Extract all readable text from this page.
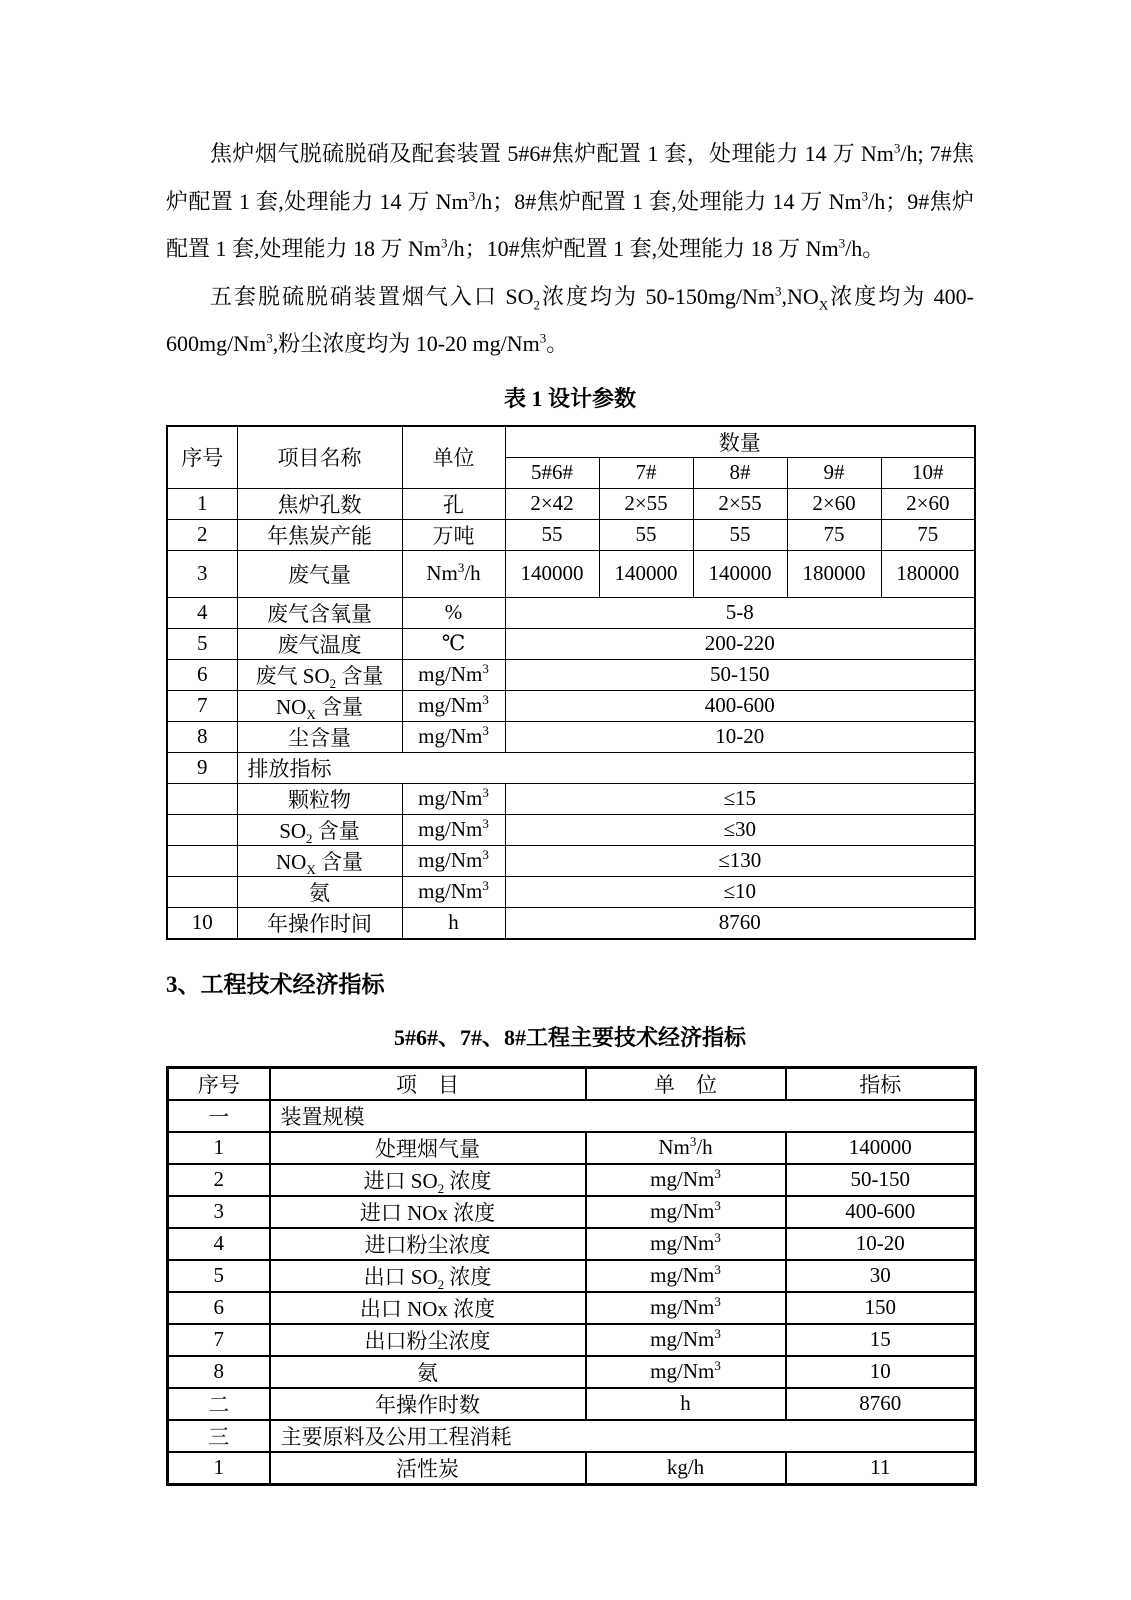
焦炉烟气脱硫脱硝及配套装置 5#6#焦炉配置 1 套，处理能力 14 万 Nm$^3$/h; 7#焦炉配置 1 套,处理能力 14 万 Nm$^3$/h；8#焦炉配置 1 套,处理能力 14 万 Nm$^3$/h；9#焦炉配置 1 套,处理能力 18 万 Nm$^3$/h；10#焦炉配置 1 套,处理能力 18 万 Nm$^3$/h。

五套脱硫脱硝装置烟气入口 $SO_2$浓度均为 $50-150mg/Nm^3,NO_X$浓度均为 400-600mg/Nm$^3$,粉尘浓度均为 10-20 mg/Nm$^3$。

表 1 设计参数
序号	项目名称	单位	数量				
			5#6#	7#	8#	9#	10#
1	焦炉孔数	孔	2×42	2×55	2×55	2×60	2×60
2	年焦炭产能	万吨	55	55	55	75	75
3	废气量	Nm$^3$/h	140000	140000	140000	180000	180000
4	废气含氧量	%	5-8				
5	废气温度	℃	200-220				
6	废气 $SO_2$ 含量	mg/Nm$^3$	50-150				
7	$NO_X$ 含量	mg/Nm$^3$	400-600				
8	尘含量	mg/Nm$^3$	10-20				
9	排放指标						
	颗粒物	$mg/Nm^3$	≤15				
	$SO_2$ 含量	$mg/Nm^3$	≤30				
	$NO_X$ 含量	$mg/Nm^3$	≤130				
	氨	$mg/Nm^3$	≤10				
10	年操作时间	h	8760				
3、工程技术经济指标
5#6#、7#、8#工程主要技术经济指标
序号	项　目	单　位	指标
一	装置规模		
1	处理烟气量	Nm$^3$/h	140000
2	进口 $SO_2$ 浓度	mg/Nm$^3$	50-150
3	进口 NOx 浓度	mg/Nm$^3$	400-600
4	进口粉尘浓度	mg/Nm$^3$	10-20
5	出口 $SO_2$ 浓度	mg/Nm$^3$	30
6	出口 NOx 浓度	mg/Nm$^3$	150
7	出口粉尘浓度	mg/Nm$^3$	15
8	氨	mg/Nm$^3$	10
二	年操作时数	h	8760
三	主要原料及公用工程消耗		
1	活性炭	kg/h	11
